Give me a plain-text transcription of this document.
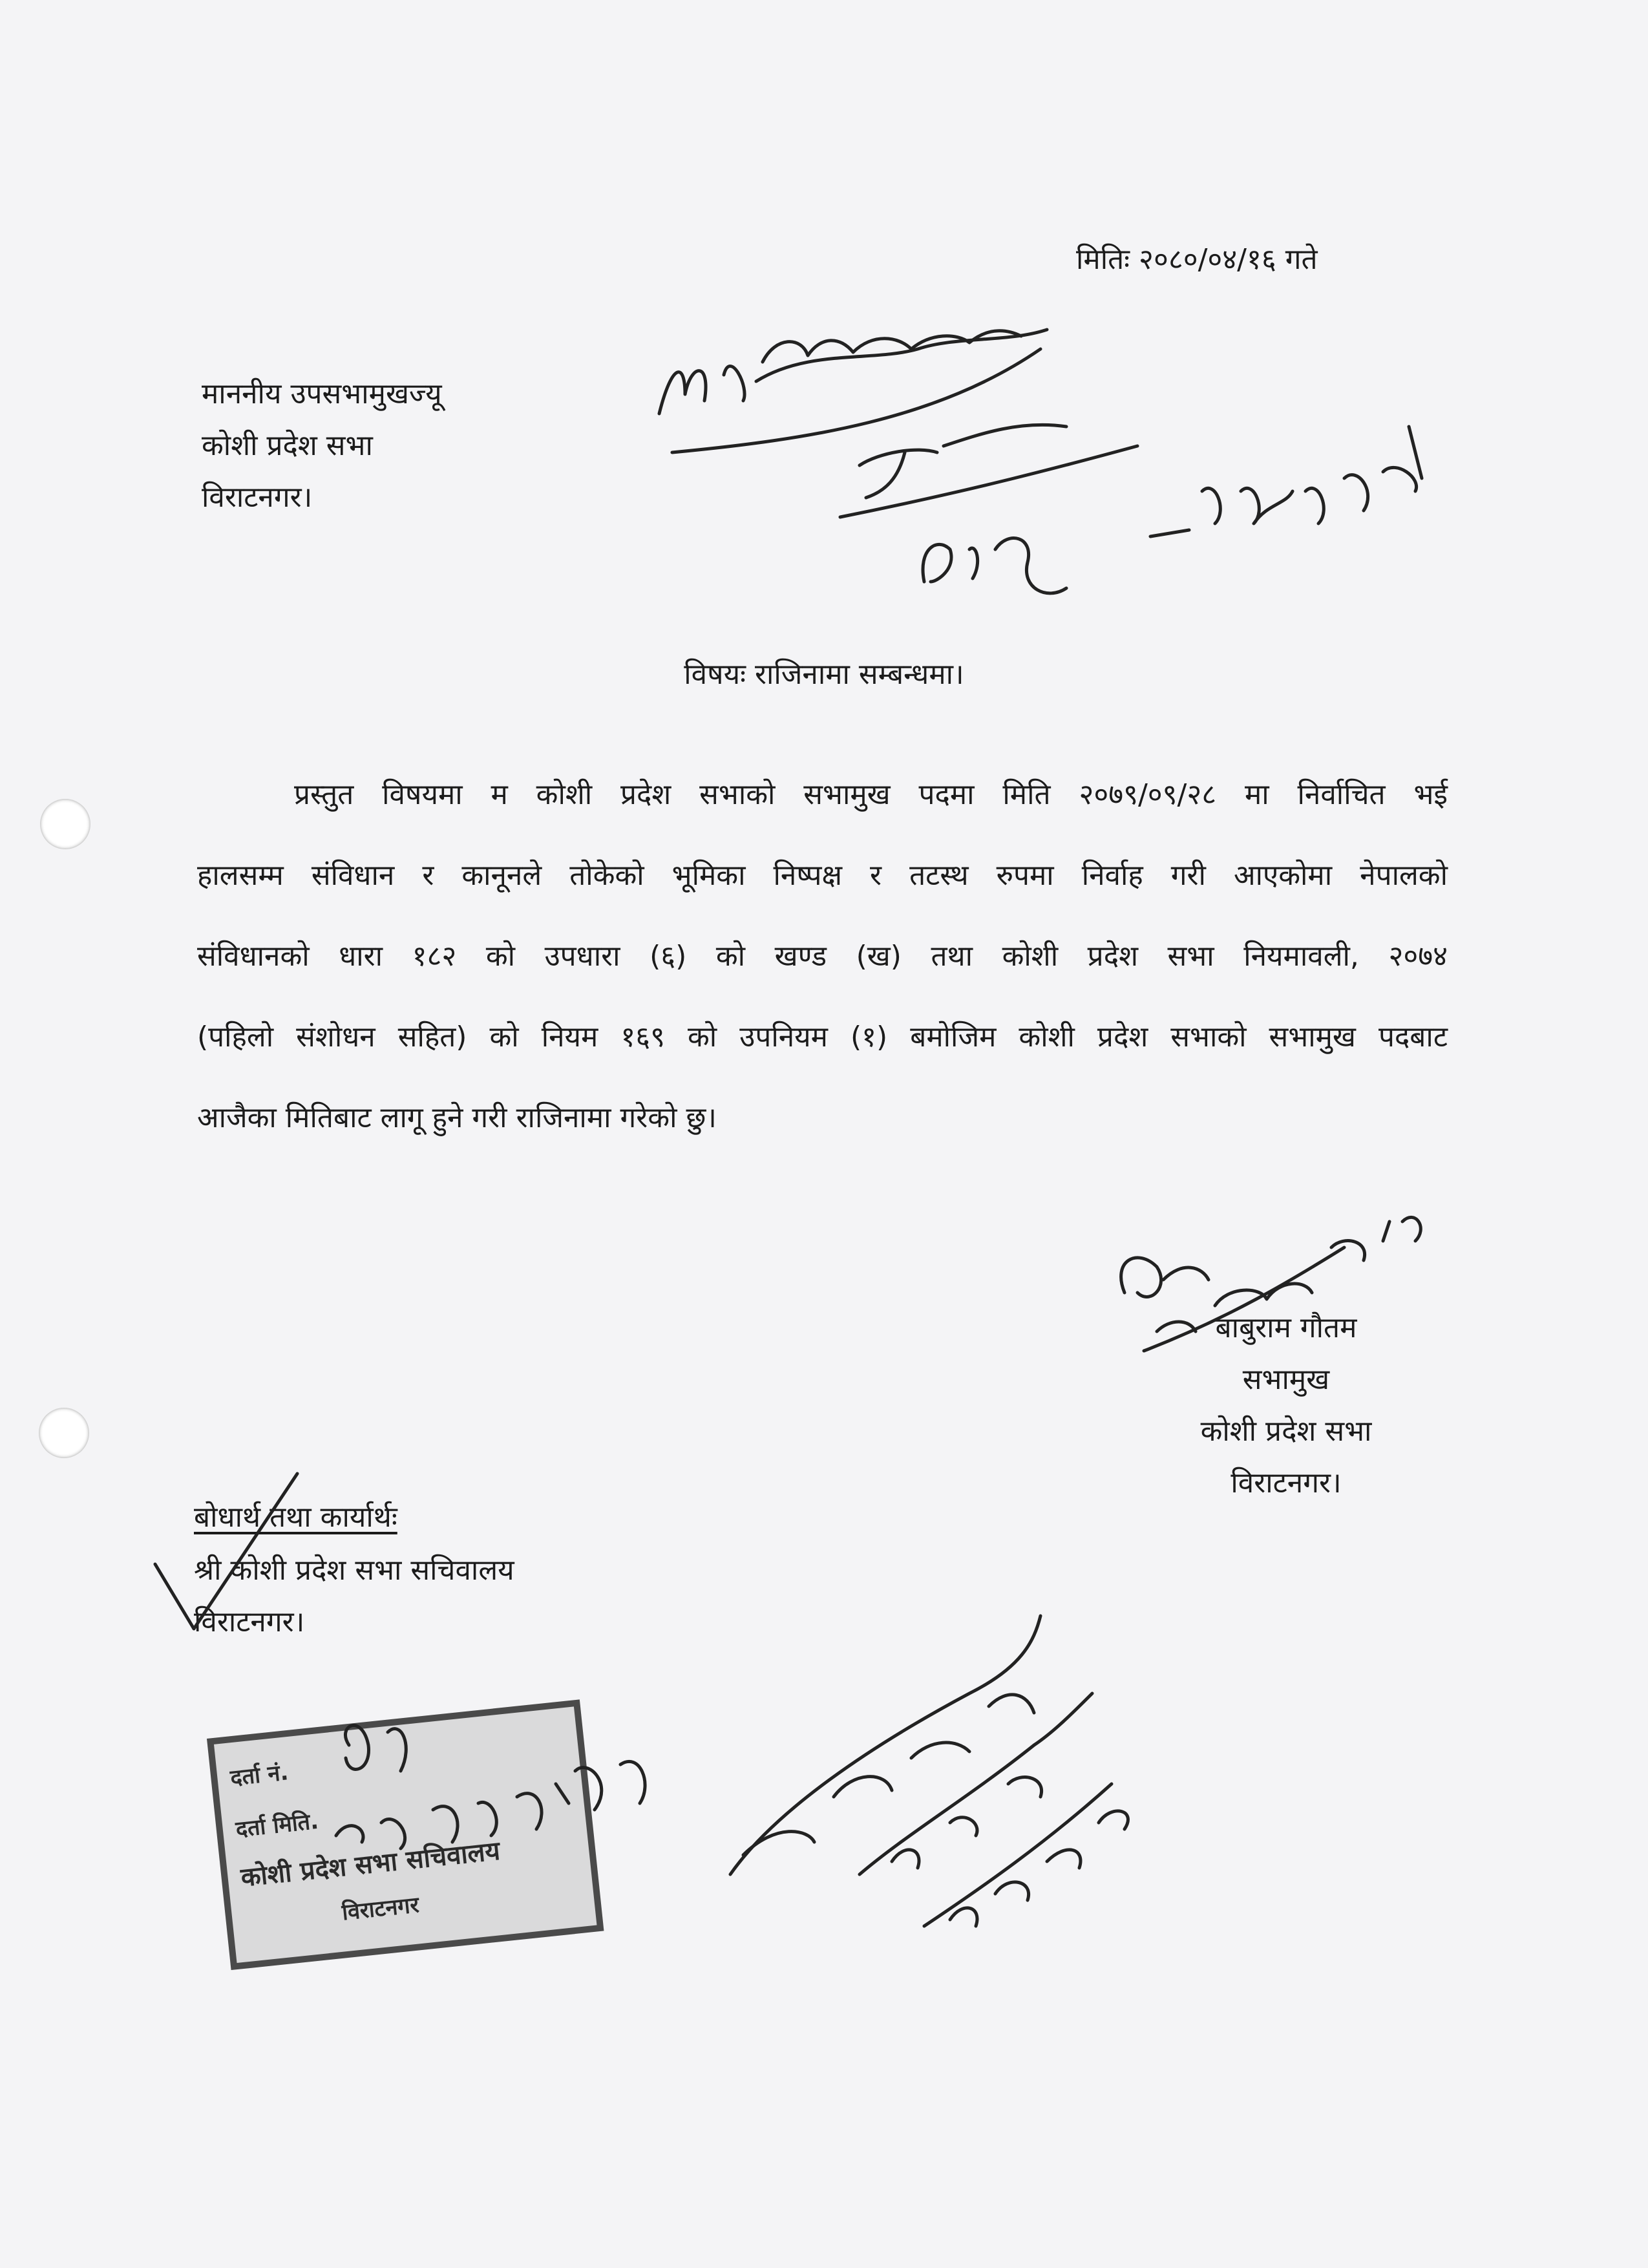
मितिः २०८०/०४/१६ गते
माननीय उपसभामुखज्यू
कोशी प्रदेश सभा
विराटनगर।
विषयः राजिनामा सम्बन्धमा।
प्रस्तुत विषयमा म कोशी प्रदेश सभाको सभामुख पदमा मिति २०७९/०९/२८ मा निर्वाचित भई
हालसम्म संविधान र कानूनले तोकेको भूमिका निष्पक्ष र तटस्थ रुपमा निर्वाह गरी आएकोमा नेपालको
संविधानको धारा १८२ को उपधारा (६) को खण्ड (ख) तथा कोशी प्रदेश सभा नियमावली, २०७४
(पहिलो संशोधन सहित) को नियम १६९ को उपनियम (१) बमोजिम कोशी प्रदेश सभाको सभामुख पदबाट
आजैका मितिबाट लागू हुने गरी राजिनामा गरेको छु।
बाबुराम गौतम
सभामुख
कोशी प्रदेश सभा
विराटनगर।
बोधार्थ तथा कार्यार्थः
श्री कोशी प्रदेश सभा सचिवालय
विराटनगर।
दर्ता नं.
दर्ता मिति.
कोशी प्रदेश सभा सचिवालय
विराटनगर
